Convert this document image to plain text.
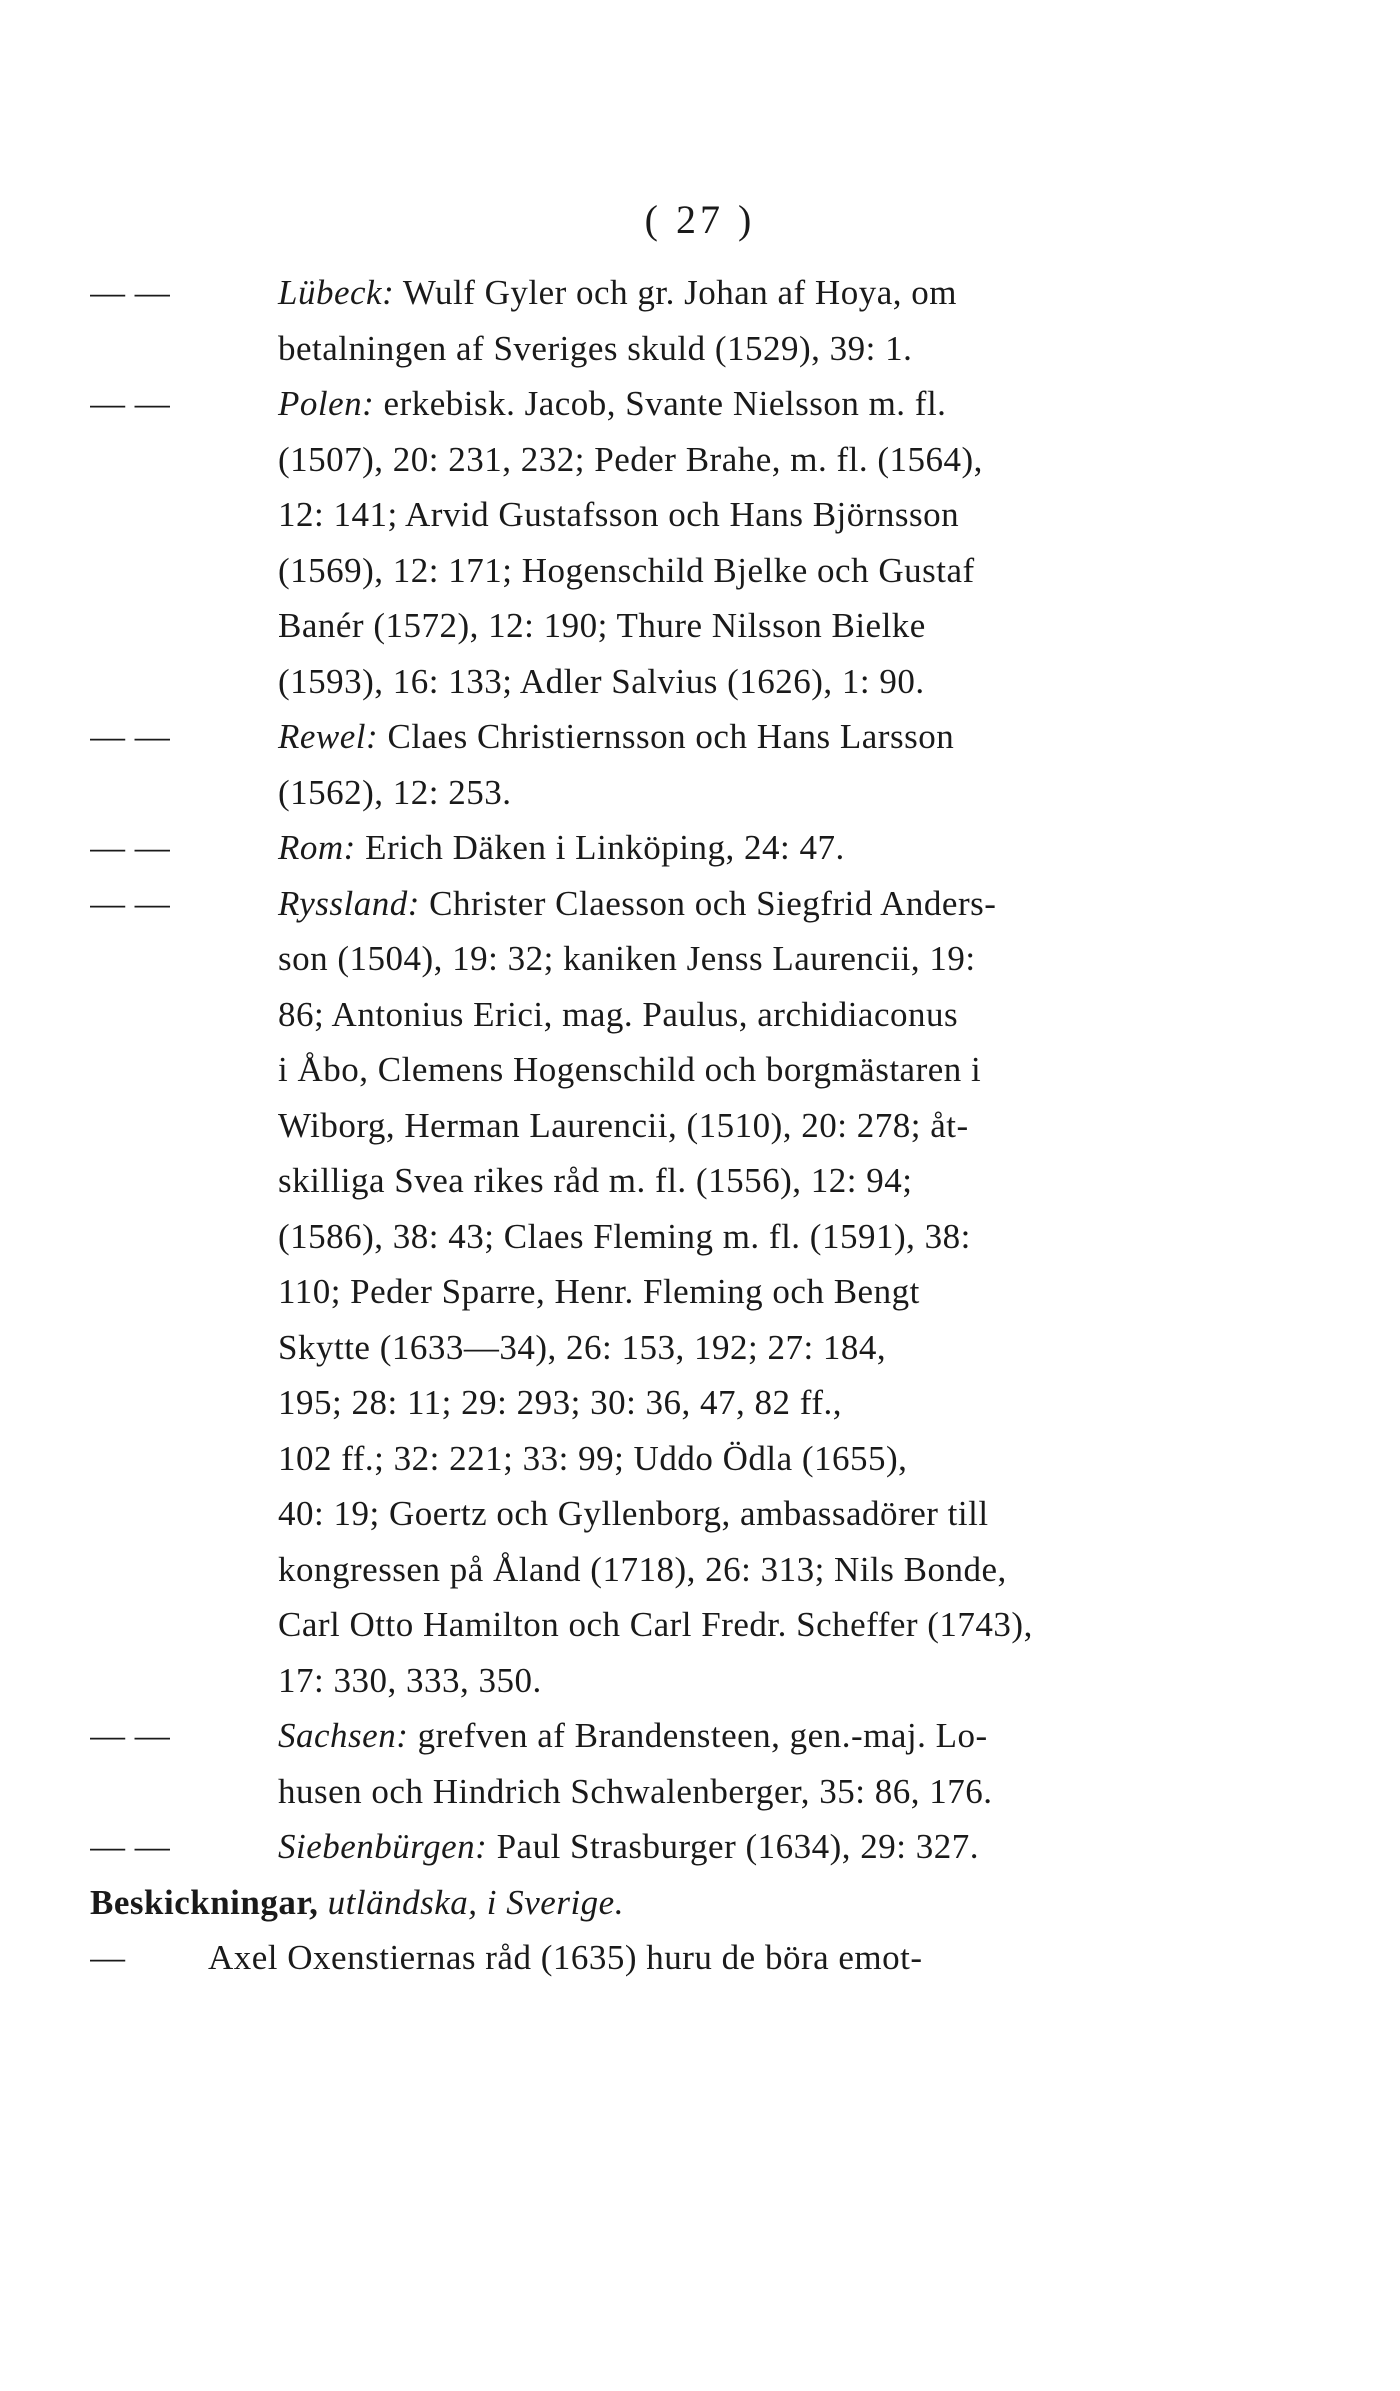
( 27 )
— —	Lübeck: Wulf Gyler och gr. Johan af Hoya, om
betalningen af Sveriges skuld (1529), 39: 1.
— —	Polen: erkebisk. Jacob, Svante Nielsson m. fl.
(1507), 20: 231, 232; Peder Brahe, m. fl. (1564),
12: 141; Arvid Gustafsson och Hans Björnsson
(1569), 12: 171; Hogenschild Bjelke och Gustaf
Banér (1572), 12: 190; Thure Nilsson Bielke
(1593), 16: 133; Adler Salvius (1626), 1: 90.
— —	Rewel: Claes Christiernsson och Hans Larsson
(1562), 12: 253.
— —	Rom: Erich Däken i Linköping, 24: 47.
— —	Ryssland: Christer Claesson och Siegfrid Anders-
son (1504), 19: 32; kaniken Jenss Laurencii, 19:
86; Antonius Erici, mag. Paulus, archidiaconus
i Åbo, Clemens Hogenschild och borgmästaren i
Wiborg, Herman Laurencii, (1510), 20: 278; åt-
skilliga Svea rikes råd m. fl. (1556), 12: 94;
(1586), 38: 43; Claes Fleming m. fl. (1591), 38:
110; Peder Sparre, Henr. Fleming och Bengt
Skytte (1633—34), 26: 153, 192; 27: 184,
195; 28: 11; 29: 293; 30: 36, 47, 82 ff.,
102 ff.; 32: 221; 33: 99; Uddo Ödla (1655),
40: 19; Goertz och Gyllenborg, ambassadörer till
kongressen på Åland (1718), 26: 313; Nils Bonde,
Carl Otto Hamilton och Carl Fredr. Scheffer (1743),
17: 330, 333, 350.
— —	Sachsen: grefven af Brandensteen, gen.-maj. Lo-
husen och Hindrich Schwalenberger, 35: 86, 176.
— —	Siebenbürgen: Paul Strasburger (1634), 29: 327.
Beskickningar, utländska, i Sverige.
— Axel Oxenstiernas råd (1635) huru de böra emot-
